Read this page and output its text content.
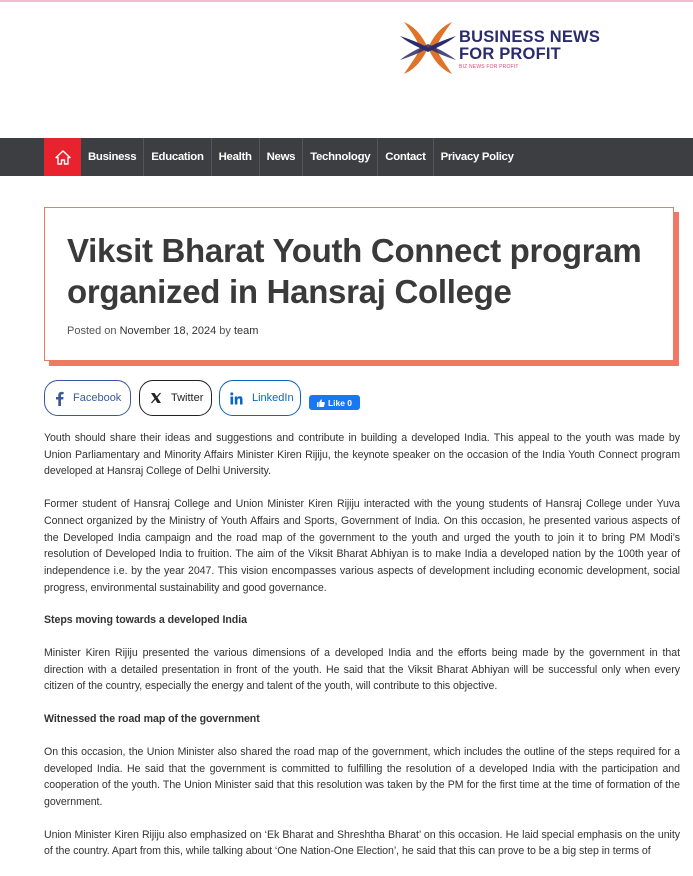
BUSINESS NEWS
FOR PROFIT
BIZ NEWS FOR PROFIT
Business	Education	Health	News	Technology	Contact	Privacy Policy
Viksit Bharat Youth Connect program organized in Hansraj College
Posted on November 18, 2024 by team
Facebook	Twitter	LinkedIn	Like 0

Youth should share their ideas and suggestions and contribute in building a developed India. This appeal to the youth was made by Union Parliamentary and Minority Affairs Minister Kiren Rijiju, the keynote speaker on the occasion of the India Youth Connect program developed at Hansraj College of Delhi University.

Former student of Hansraj College and Union Minister Kiren Rijiju interacted with the young students of Hansraj College under Yuva Connect organized by the Ministry of Youth Affairs and Sports, Government of India. On this occasion, he presented various aspects of the Developed India campaign and the road map of the government to the youth and urged the youth to join it to bring PM Modi’s resolution of Developed India to fruition. The aim of the Viksit Bharat Abhiyan is to make India a developed nation by the 100th year of independence i.e. by the year 2047. This vision encompasses various aspects of development including economic development, social progress, environmental sustainability and good governance.

Steps moving towards a developed India

Minister Kiren Rijiju presented the various dimensions of a developed India and the efforts being made by the government in that direction with a detailed presentation in front of the youth. He said that the Viksit Bharat Abhiyan will be successful only when every citizen of the country, especially the energy and talent of the youth, will contribute to this objective.

Witnessed the road map of the government

On this occasion, the Union Minister also shared the road map of the government, which includes the outline of the steps required for a developed India. He said that the government is committed to fulfilling the resolution of a developed India with the participation and cooperation of the youth. The Union Minister said that this resolution was taken by the PM for the first time at the time of formation of the government.

Union Minister Kiren Rijiju also emphasized on ‘Ek Bharat and Shreshtha Bharat’ on this occasion. He laid special emphasis on the unity of the country. Apart from this, while talking about ‘One Nation-One Election’, he said that this can prove to be a big step in terms of
